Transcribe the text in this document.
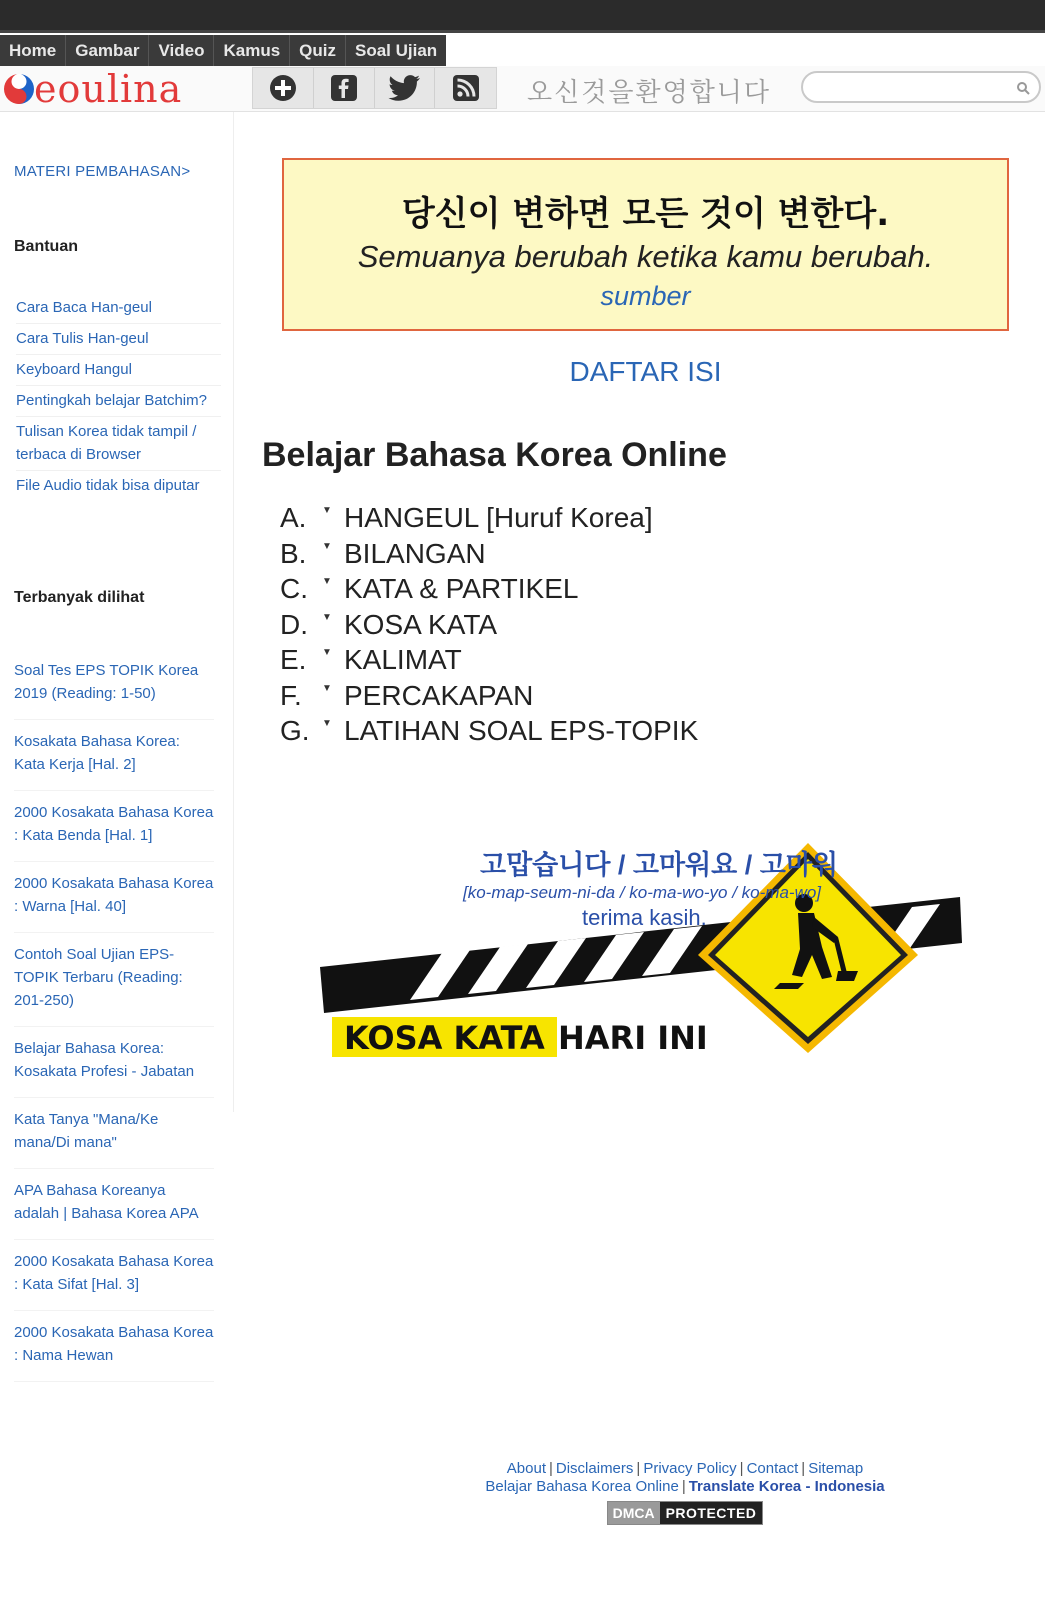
Home	Gambar	Video	Kamus	Quiz	Soal Ujian
eoulina	오신것을환영합니다
MATERI PEMBAHASAN>
Bantuan
Cara Baca Han-geul
Cara Tulis Han-geul
Keyboard Hangul
Pentingkah belajar Batchim?
Tulisan Korea tidak tampil / terbaca di Browser
File Audio tidak bisa diputar
Terbanyak dilihat
Soal Tes EPS TOPIK Korea 2019 (Reading: 1-50)
Kosakata Bahasa Korea: Kata Kerja [Hal. 2]
2000 Kosakata Bahasa Korea : Kata Benda [Hal. 1]
2000 Kosakata Bahasa Korea : Warna [Hal. 40]
Contoh Soal Ujian EPS-TOPIK Terbaru (Reading: 201-250)
Belajar Bahasa Korea: Kosakata Profesi - Jabatan
Kata Tanya "Mana/Ke mana/Di mana"
APA Bahasa Koreanya adalah | Bahasa Korea APA
2000 Kosakata Bahasa Korea : Kata Sifat [Hal. 3]
2000 Kosakata Bahasa Korea : Nama Hewan
당신이 변하면 모든 것이 변한다.
Semuanya berubah ketika kamu berubah.
sumber
DAFTAR ISI
Belajar Bahasa Korea Online
A.	▼ HANGEUL [Huruf Korea]
B.	▼ BILANGAN
C.	▼ KATA & PARTIKEL
D.	▼ KOSA KATA
E.	▼ KALIMAT
F.	▼ PERCAKAPAN
G.	▼ LATIHAN SOAL EPS-TOPIK
고맙습니다 / 고마워요 / 고마워
[ko-map-seum-ni-da / ko-ma-wo-yo / ko-ma-wo]
terima kasih.
KOSA KATA HARI INI
About | Disclaimers | Privacy Policy | Contact | Sitemap
Belajar Bahasa Korea Online | Translate Korea - Indonesia
DMCA PROTECTED
